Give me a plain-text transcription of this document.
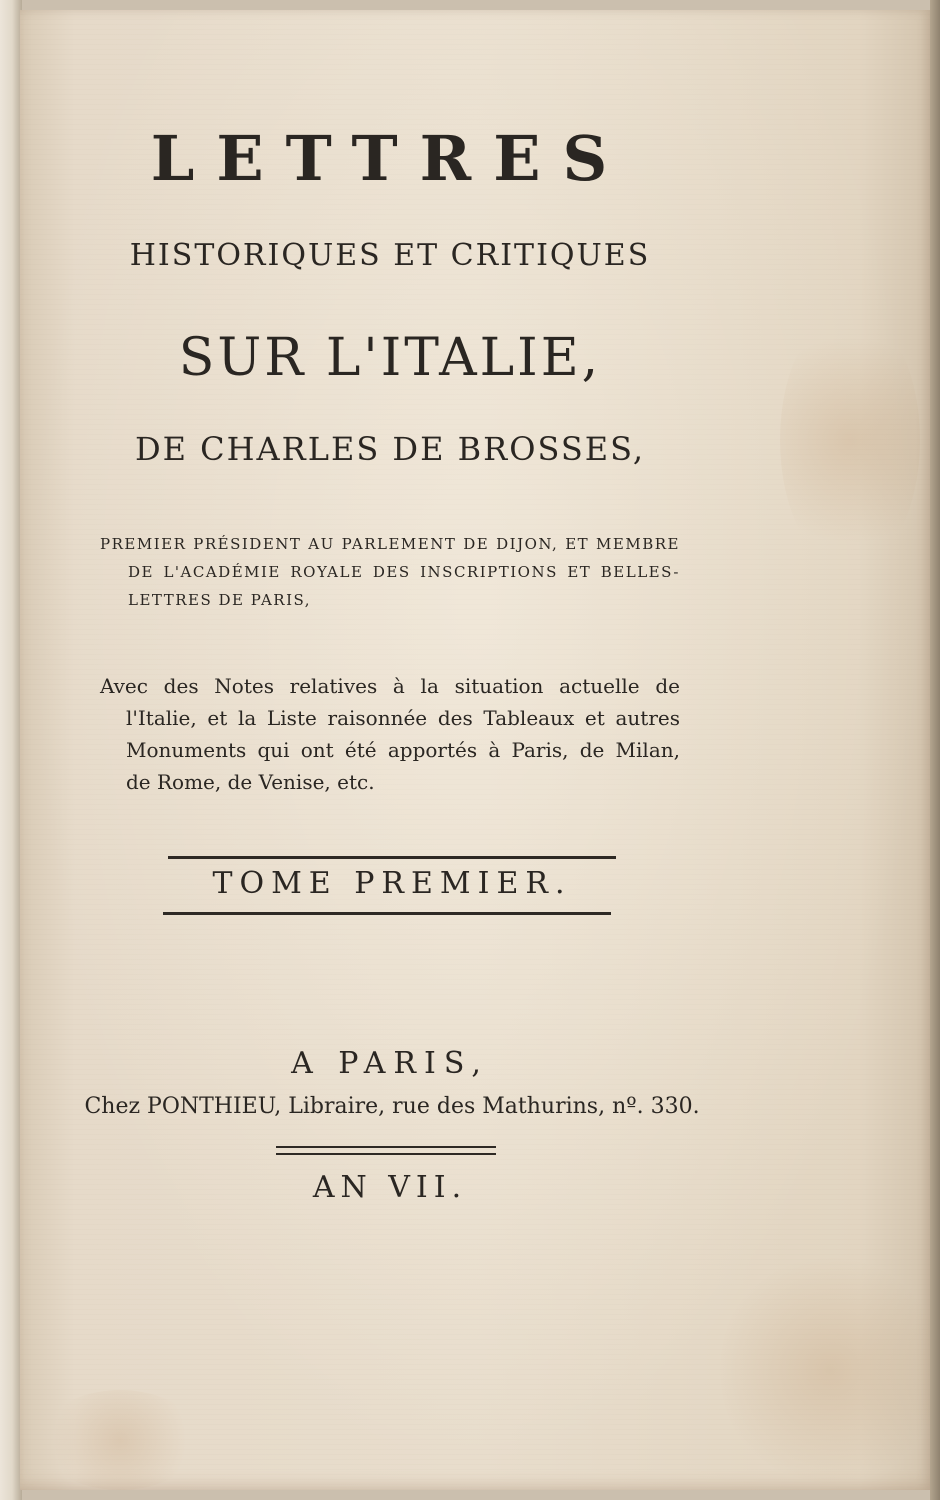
LETTRES
HISTORIQUES ET CRITIQUES
SUR L'ITALIE,
DE CHARLES DE BROSSES,
PREMIER PRÉSIDENT AU PARLEMENT DE DIJON, ET MEMBRE
DE L'ACADÉMIE ROYALE DES INSCRIPTIONS ET BELLES-
LETTRES DE PARIS,
Avec des Notes relatives à la situation actuelle de
l'Italie, et la Liste raisonnée des Tableaux et autres
Monuments qui ont été apportés à Paris, de Milan,
de Rome, de Venise, etc.
TOME PREMIER.
A PARIS,
Chez PONTHIEU, Libraire, rue des Mathurins, nº. 330.
AN VII.
